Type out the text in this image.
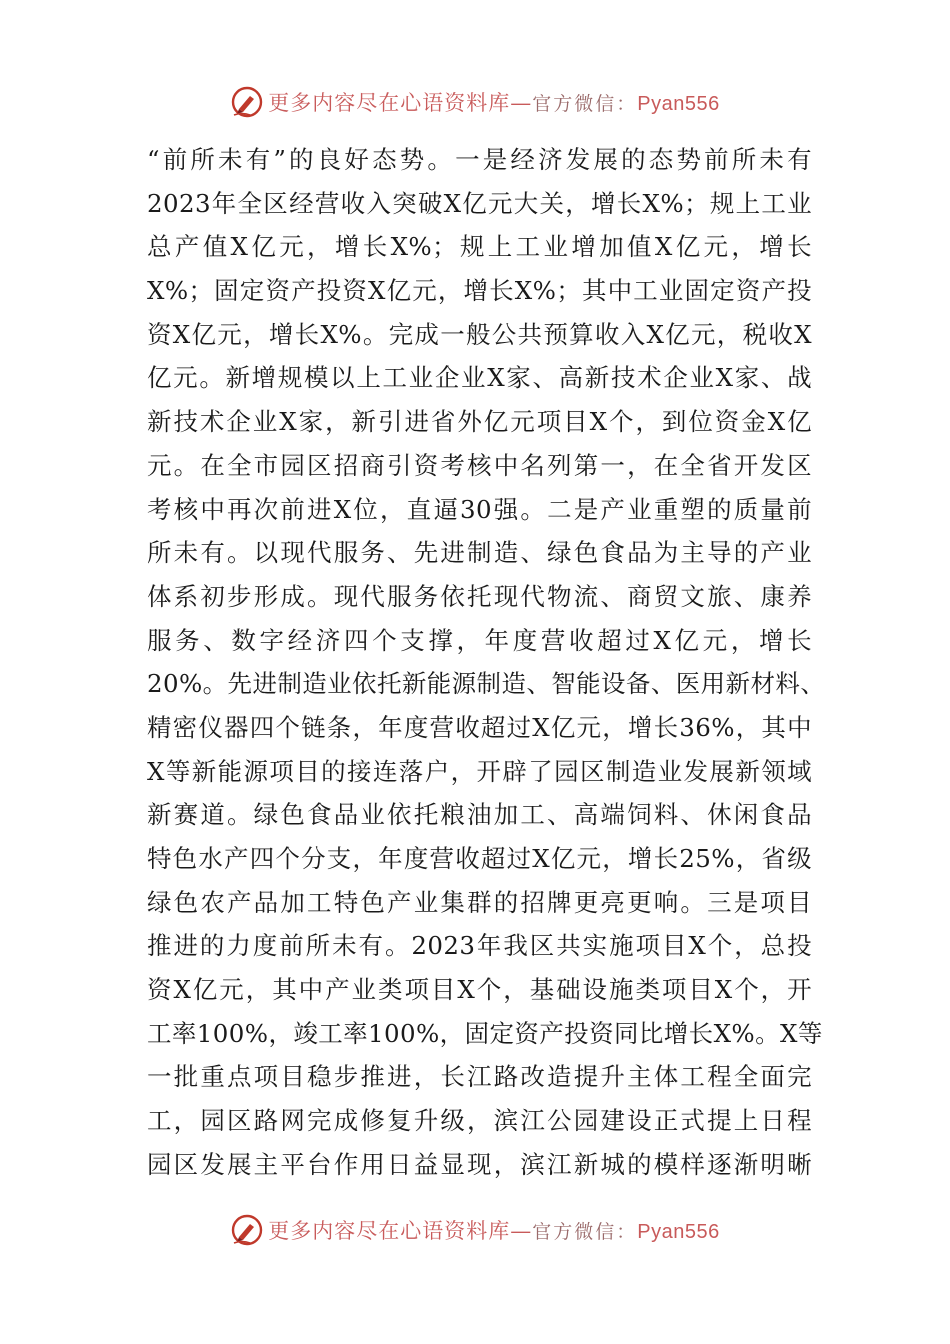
更多内容尽在心语资料库—官方微信：Pyan556
“前所未有”的良好态势。一是经济发展的态势前所未有
2023年全区经营收入突破X亿元大关，增长X%；规上工业
总产值X亿元，增长X%；规上工业增加值X亿元，增长
X%；固定资产投资X亿元，增长X%；其中工业固定资产投
资X亿元，增长X%。完成一般公共预算收入X亿元，税收X
亿元。新增规模以上工业企业X家、高新技术企业X家、战
新技术企业X家，新引进省外亿元项目X个，到位资金X亿
元。在全市园区招商引资考核中名列第一，在全省开发区
考核中再次前进X位，直逼30强。二是产业重塑的质量前
所未有。以现代服务、先进制造、绿色食品为主导的产业
体系初步形成。现代服务依托现代物流、商贸文旅、康养
服务、数字经济四个支撑，年度营收超过X亿元，增长
20%。先进制造业依托新能源制造、智能设备、医用新材料、
精密仪器四个链条，年度营收超过X亿元，增长36%，其中
X等新能源项目的接连落户，开辟了园区制造业发展新领域
新赛道。绿色食品业依托粮油加工、高端饲料、休闲食品
特色水产四个分支，年度营收超过X亿元，增长25%，省级
绿色农产品加工特色产业集群的招牌更亮更响。三是项目
推进的力度前所未有。2023年我区共实施项目X个，总投
资X亿元，其中产业类项目X个，基础设施类项目X个，开
工率100%，竣工率100%，固定资产投资同比增长X%。X等
一批重点项目稳步推进，长江路改造提升主体工程全面完
工，园区路网完成修复升级，滨江公园建设正式提上日程
园区发展主平台作用日益显现，滨江新城的模样逐渐明晰
更多内容尽在心语资料库—官方微信：Pyan556
